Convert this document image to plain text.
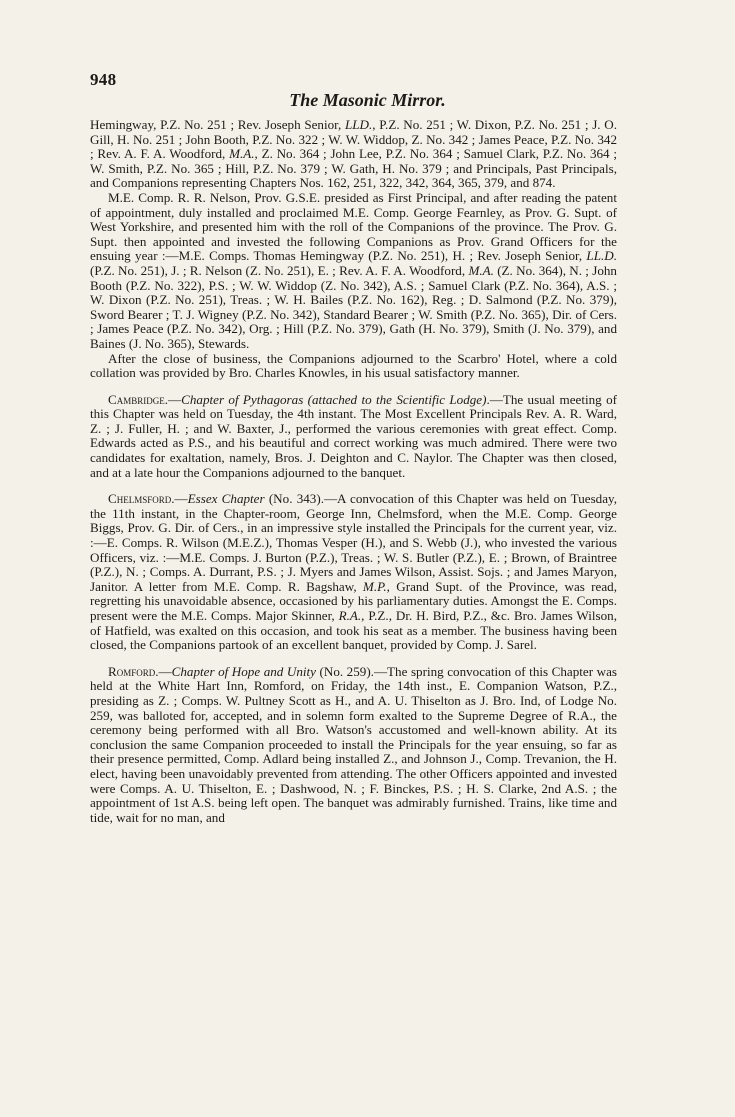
948
The Masonic Mirror.

Hemingway, P.Z. No. 251 ; Rev. Joseph Senior, LLD., P.Z. No. 251 ; W. Dixon, P.Z. No. 251 ; J. O. Gill, H. No. 251 ; John Booth, P.Z. No. 322 ; W. W. Widdop, Z. No. 342 ; James Peace, P.Z. No. 342 ; Rev. A. F. A. Woodford, M.A., Z. No. 364 ; John Lee, P.Z. No. 364 ; Samuel Clark, P.Z. No. 364 ; W. Smith, P.Z. No. 365 ; Hill, P.Z. No. 379 ; W. Gath, H. No. 379 ; and Principals, Past Principals, and Companions representing Chapters Nos. 162, 251, 322, 342, 364, 365, 379, and 874.

M.E. Comp. R. R. Nelson, Prov. G.S.E. presided as First Principal, and after reading the patent of appointment, duly installed and proclaimed M.E. Comp. George Fearnley, as Prov. G. Supt. of West Yorkshire, and presented him with the roll of the Companions of the province. The Prov. G. Supt. then appointed and invested the following Companions as Prov. Grand Officers for the ensuing year :—M.E. Comps. Thomas Hemingway (P.Z. No. 251), H. ; Rev. Joseph Senior, LL.D. (P.Z. No. 251), J. ; R. Nelson (Z. No. 251), E. ; Rev. A. F. A. Woodford, M.A. (Z. No. 364), N. ; John Booth (P.Z. No. 322), P.S. ; W. W. Widdop (Z. No. 342), A.S. ; Samuel Clark (P.Z. No. 364), A.S. ; W. Dixon (P.Z. No. 251), Treas. ; W. H. Bailes (P.Z. No. 162), Reg. ; D. Salmond (P.Z. No. 379), Sword Bearer ; T. J. Wigney (P.Z. No. 342), Standard Bearer ; W. Smith (P.Z. No. 365), Dir. of Cers. ; James Peace (P.Z. No. 342), Org. ; Hill (P.Z. No. 379), Gath (H. No. 379), Smith (J. No. 379), and Baines (J. No. 365), Stewards.

After the close of business, the Companions adjourned to the Scarbro' Hotel, where a cold collation was provided by Bro. Charles Knowles, in his usual satisfactory manner.

Cambridge.—Chapter of Pythagoras (attached to the Scientific Lodge).—The usual meeting of this Chapter was held on Tuesday, the 4th instant. The Most Excellent Principals Rev. A. R. Ward, Z. ; J. Fuller, H. ; and W. Baxter, J., performed the various ceremonies with great effect. Comp. Edwards acted as P.S., and his beautiful and correct working was much admired. There were two candidates for exaltation, namely, Bros. J. Deighton and C. Naylor. The Chapter was then closed, and at a late hour the Companions adjourned to the banquet.

Chelmsford.—Essex Chapter (No. 343).—A convocation of this Chapter was held on Tuesday, the 11th instant, in the Chapter-room, George Inn, Chelmsford, when the M.E. Comp. George Biggs, Prov. G. Dir. of Cers., in an impressive style installed the Principals for the current year, viz. :—E. Comps. R. Wilson (M.E.Z.), Thomas Vesper (H.), and S. Webb (J.), who invested the various Officers, viz. :—M.E. Comps. J. Burton (P.Z.), Treas. ; W. S. Butler (P.Z.), E. ; Brown, of Braintree (P.Z.), N. ; Comps. A. Durrant, P.S. ; J. Myers and James Wilson, Assist. Sojs. ; and James Maryon, Janitor. A letter from M.E. Comp. R. Bagshaw, M.P., Grand Supt. of the Province, was read, regretting his unavoidable absence, occasioned by his parliamentary duties. Amongst the E. Comps. present were the M.E. Comps. Major Skinner, R.A., P.Z., Dr. H. Bird, P.Z., &c. Bro. James Wilson, of Hatfield, was exalted on this occasion, and took his seat as a member. The business having been closed, the Companions partook of an excellent banquet, provided by Comp. J. Sarel.

Romford.—Chapter of Hope and Unity (No. 259).—The spring convocation of this Chapter was held at the White Hart Inn, Romford, on Friday, the 14th inst., E. Companion Watson, P.Z., presiding as Z. ; Comps. W. Pultney Scott as H., and A. U. Thiselton as J. Bro. Ind, of Lodge No. 259, was balloted for, accepted, and in solemn form exalted to the Supreme Degree of R.A., the ceremony being performed with all Bro. Watson's accustomed and well-known ability. At its conclusion the same Companion proceeded to install the Principals for the year ensuing, so far as their presence permitted, Comp. Adlard being installed Z., and Johnson J., Comp. Trevanion, the H. elect, having been unavoidably prevented from attending. The other Officers appointed and invested were Comps. A. U. Thiselton, E. ; Dashwood, N. ; F. Binckes, P.S. ; H. S. Clarke, 2nd A.S. ; the appointment of 1st A.S. being left open. The banquet was admirably furnished. Trains, like time and tide, wait for no man, and
